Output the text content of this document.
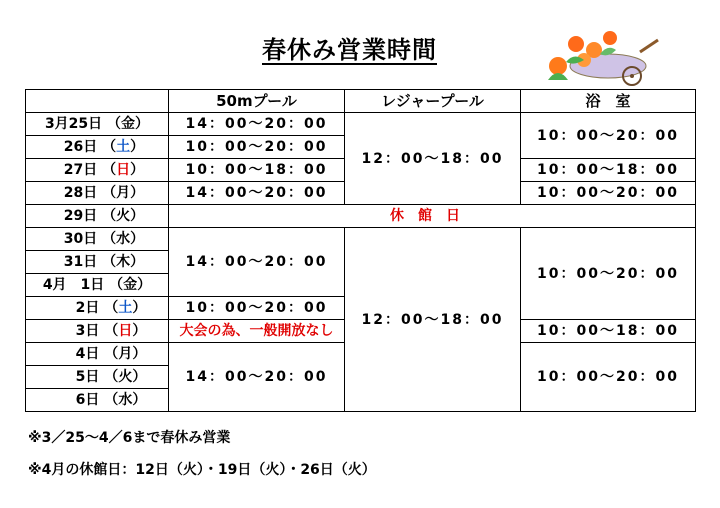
春休み営業時間
	50mプール	レジャープール	浴　室
3月25日 （金）	14：00～20：00	12：00～18：00	10：00～20：00
　26日 （土）	10：00～20：00		
　27日 （日）	10：00～18：00		10：00～18：00
　28日 （月）	14：00～20：00		10：00～20：00
　29日 （火）	休館日		
　30日 （水）	14：00～20：00	12：00～18：00	10：00～20：00
　31日 （木）			
4月　1日 （金）			
　　2日 （土）	10：00～20：00		
　　3日 （日）	大会の為、一般開放なし		10：00～18：00
　　4日 （月）	14：00～20：00		10：00～20：00
　　5日 （火）			
　　6日 （水）			
※3／25～4／6まで春休み営業
※4月の休館日：12日（火）・19日（火）・26日（火）
